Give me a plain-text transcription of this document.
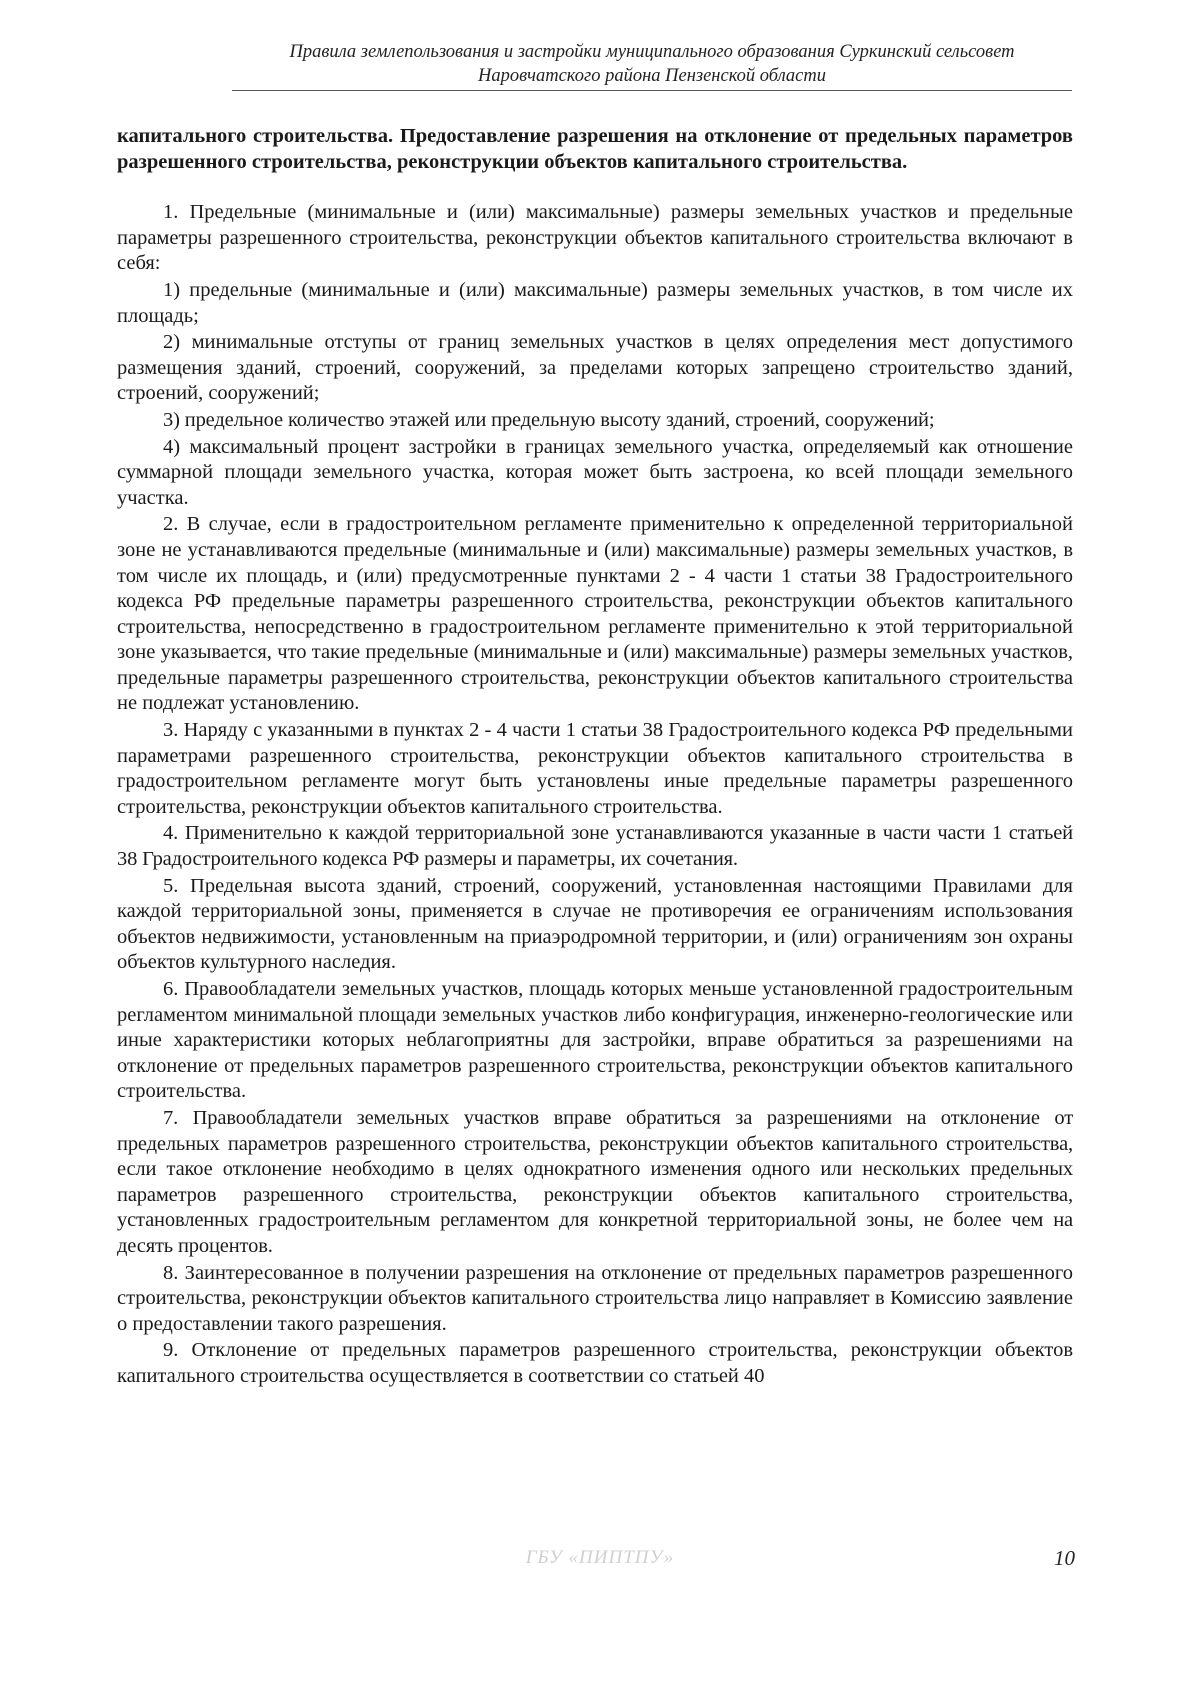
Правила землепользования и застройки муниципального образования Суркинский сельсовет
Наровчатского района Пензенской области

капитального строительства. Предоставление разрешения на отклонение от предельных параметров разрешенного строительства, реконструкции объектов капитального строительства.

1. Предельные (минимальные и (или) максимальные) размеры земельных участков и предельные параметры разрешенного строительства, реконструкции объектов капитального строительства включают в себя:

1) предельные (минимальные и (или) максимальные) размеры земельных участков, в том числе их площадь;

2) минимальные отступы от границ земельных участков в целях определения мест допустимого размещения зданий, строений, сооружений, за пределами которых запрещено строительство зданий, строений, сооружений;

3) предельное количество этажей или предельную высоту зданий, строений, сооружений;

4) максимальный процент застройки в границах земельного участка, определяемый как отношение суммарной площади земельного участка, которая может быть застроена, ко всей площади земельного участка.

2. В случае, если в градостроительном регламенте применительно к определенной территориальной зоне не устанавливаются предельные (минимальные и (или) максимальные) размеры земельных участков, в том числе их площадь, и (или) предусмотренные пунктами 2 - 4 части 1 статьи 38 Градостроительного кодекса РФ предельные параметры разрешенного строительства, реконструкции объектов капитального строительства, непосредственно в градостроительном регламенте применительно к этой территориальной зоне указывается, что такие предельные (минимальные и (или) максимальные) размеры земельных участков, предельные параметры разрешенного строительства, реконструкции объектов капитального строительства не подлежат установлению.

3. Наряду с указанными в пунктах 2 - 4 части 1 статьи 38 Градостроительного кодекса РФ предельными параметрами разрешенного строительства, реконструкции объектов капитального строительства в градостроительном регламенте могут быть установлены иные предельные параметры разрешенного строительства, реконструкции объектов капитального строительства.

4. Применительно к каждой территориальной зоне устанавливаются указанные в части части 1 статьей 38 Градостроительного кодекса РФ размеры и параметры, их сочетания.

5. Предельная высота зданий, строений, сооружений, установленная настоящими Правилами для каждой территориальной зоны, применяется в случае не противоречия ее ограничениям использования объектов недвижимости, установленным на приаэродромной территории, и (или) ограничениям зон охраны объектов культурного наследия.

6. Правообладатели земельных участков, площадь которых меньше установленной градостроительным регламентом минимальной площади земельных участков либо конфигурация, инженерно-геологические или иные характеристики которых неблагоприятны для застройки, вправе обратиться за разрешениями на отклонение от предельных параметров разрешенного строительства, реконструкции объектов капитального строительства.

7. Правообладатели земельных участков вправе обратиться за разрешениями на отклонение от предельных параметров разрешенного строительства, реконструкции объектов капитального строительства, если такое отклонение необходимо в целях однократного изменения одного или нескольких предельных параметров разрешенного строительства, реконструкции объектов капитального строительства, установленных градостроительным регламентом для конкретной территориальной зоны, не более чем на десять процентов.

8. Заинтересованное в получении разрешения на отклонение от предельных параметров разрешенного строительства, реконструкции объектов капитального строительства лицо направляет в Комиссию заявление о предоставлении такого разрешения.

9. Отклонение от предельных параметров разрешенного строительства, реконструкции объектов капитального строительства осуществляется в соответствии со статьей 40

ГБУ «ПИПТПУ»	10
